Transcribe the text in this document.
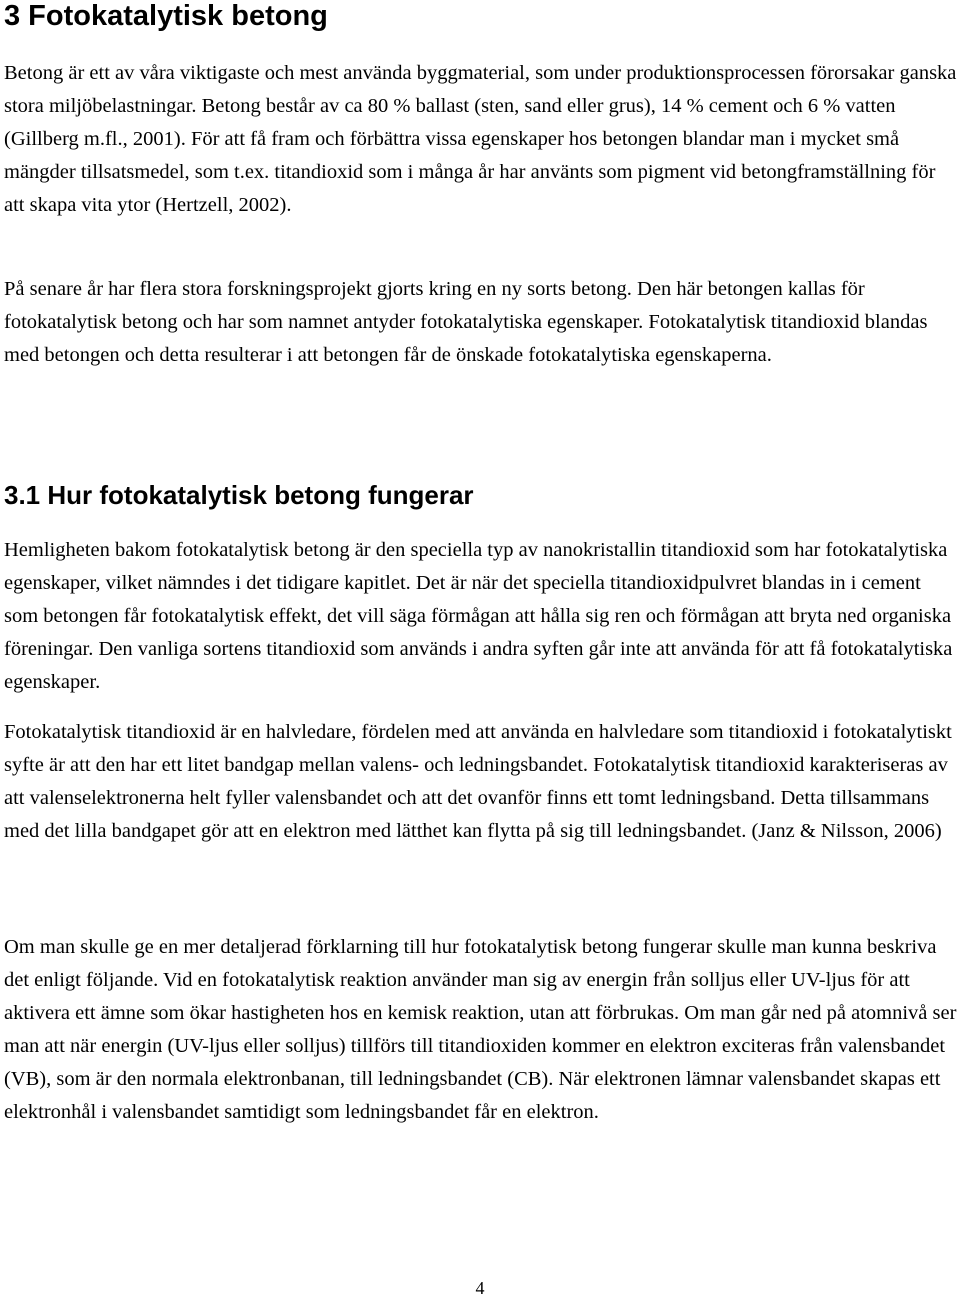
3 Fotokatalytisk betong

Betong är ett av våra viktigaste och mest använda byggmaterial, som under produktionsprocessen förorsakar ganska stora miljöbelastningar. Betong består av ca 80 % ballast (sten, sand eller grus), 14 % cement och 6 % vatten (Gillberg m.fl., 2001). För att få fram och förbättra vissa egenskaper hos betongen blandar man i mycket små mängder tillsatsmedel, som t.ex. titandioxid som i många år har använts som pigment vid betongframställning för att skapa vita ytor (Hertzell, 2002).

På senare år har flera stora forskningsprojekt gjorts kring en ny sorts betong. Den här betongen kallas för fotokatalytisk betong och har som namnet antyder fotokatalytiska egenskaper. Fotokatalytisk titandioxid blandas med betongen och detta resulterar i att betongen får de önskade fotokatalytiska egenskaperna.

3.1 Hur fotokatalytisk betong fungerar

Hemligheten bakom fotokatalytisk betong är den speciella typ av nanokristallin titandioxid som har fotokatalytiska egenskaper, vilket nämndes i det tidigare kapitlet. Det är när det speciella titandioxidpulvret blandas in i cement som betongen får fotokatalytisk effekt, det vill säga förmågan att hålla sig ren och förmågan att bryta ned organiska föreningar. Den vanliga sortens titandioxid som används i andra syften går inte att använda för att få fotokatalytiska egenskaper.

Fotokatalytisk titandioxid är en halvledare, fördelen med att använda en halvledare som titandioxid i fotokatalytiskt syfte är att den har ett litet bandgap mellan valens- och ledningsbandet. Fotokatalytisk titandioxid karakteriseras av att valenselektronerna helt fyller valensbandet och att det ovanför finns ett tomt ledningsband. Detta tillsammans med det lilla bandgapet gör att en elektron med lätthet kan flytta på sig till ledningsbandet. (Janz & Nilsson, 2006)

Om man skulle ge en mer detaljerad förklarning till hur fotokatalytisk betong fungerar skulle man kunna beskriva det enligt följande. Vid en fotokatalytisk reaktion använder man sig av energin från solljus eller UV-ljus för att aktivera ett ämne som ökar hastigheten hos en kemisk reaktion, utan att förbrukas. Om man går ned på atomnivå ser man att när energin (UV-ljus eller solljus) tillförs till titandioxiden kommer en elektron exciteras från valensbandet (VB), som är den normala elektronbanan, till ledningsbandet (CB). När elektronen lämnar valensbandet skapas ett elektronhål i valensbandet samtidigt som ledningsbandet får en elektron.

4
